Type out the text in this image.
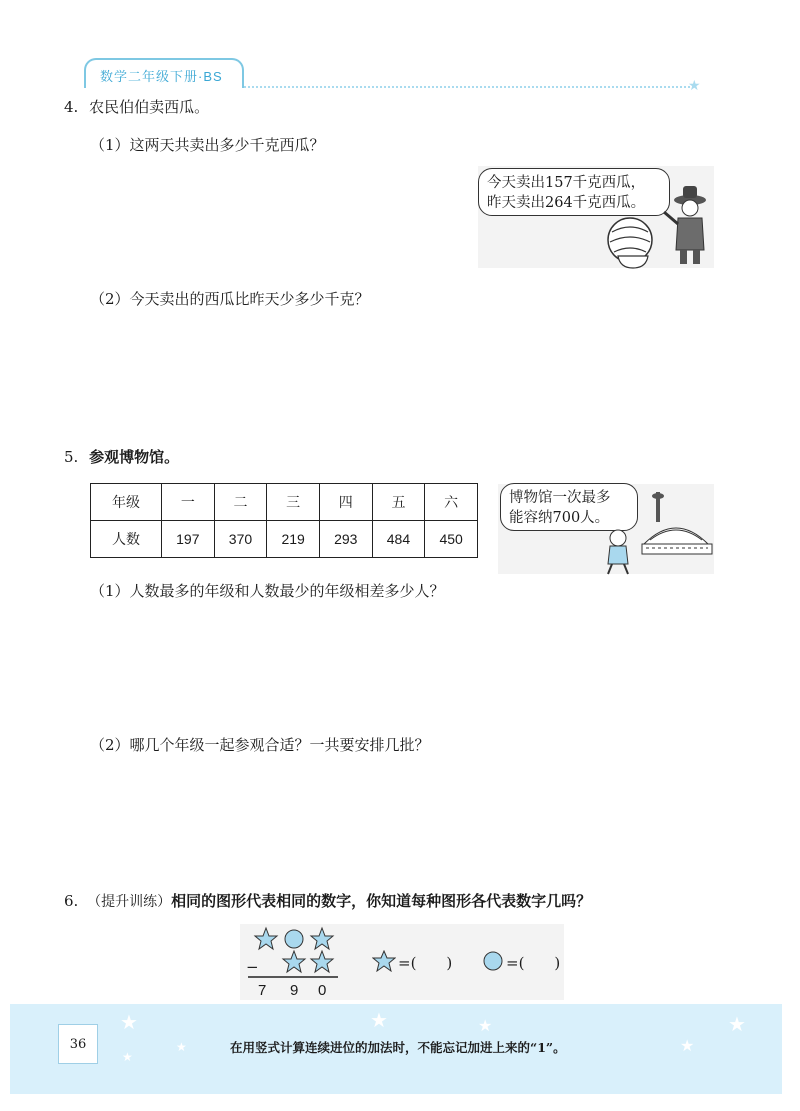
数学二年级下册·BS
★
4. 农民伯伯卖西瓜。
（1）这两天共卖出多少千克西瓜？
今天卖出157千克西瓜，
昨天卖出264千克西瓜。
（2）今天卖出的西瓜比昨天少多少千克？
5. 参观博物馆。
年级	一	二	三	四	五	六
人数	197	370	219	293	484	450
博物馆一次最多
能容纳700人。
（1）人数最多的年级和人数最少的年级相差多少人？
（2）哪几个年级一起参观合适？一共要安排几批？
6. （提升训练）相同的图形代表相同的数字，你知道每种图形各代表数字几吗？
−
7 9 0
=(　　)	=(　　)
★	★	★	★
★
★
★
36	在用竖式计算连续进位的加法时，不能忘记加进上来的“1”。
